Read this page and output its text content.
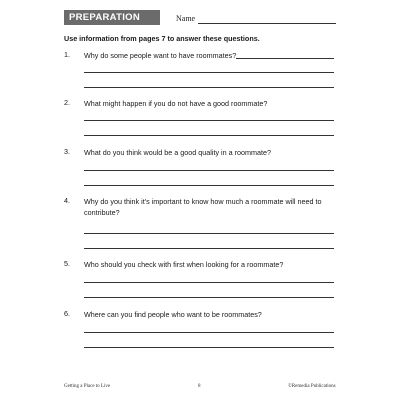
PREPARATION	Name
Use information from pages 7 to answer these questions.
1. Why do some people want to have roommates?
2. What might happen if you do not have a good roommate?
3. What do you think would be a good quality in a roommate?
4. Why do you think it's important to know how much a roommate will need to contribute?
5. Who should you check with first when looking for a roommate?
6. Where can you find people who want to be roommates?
Getting a Place to Live	8	©Remedia Publications
